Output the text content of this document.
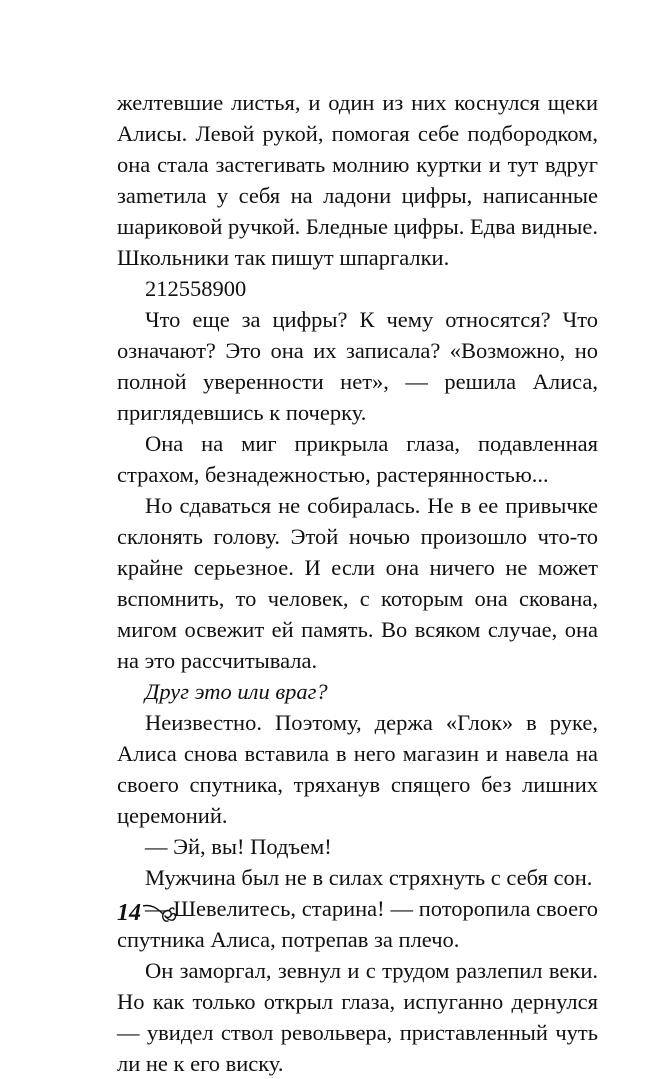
желтевшие листья, и один из них коснулся щеки Алисы. Левой рукой, помогая себе подбородком, она стала застегивать молнию куртки и тут вдруг заmетила у себя на ладони цифры, написанные шариковой ручкой. Бледные цифры. Едва видные. Школьники так пишут шпаргалки.

212558900

Что еще за цифры? К чему относятся? Что означают? Это она их записала? «Возможно, но полной уверенности нет», — решила Алиса, приглядевшись к почерку.

Она на миг прикрыла глаза, подавленная страхом, безнадежностью, растерянностью...

Но сдаваться не собиралась. Не в ее привычке склонять голову. Этой ночью произошло что-то крайне серьезное. И если она ничего не может вспомнить, то человек, с которым она скована, мигом освежит ей память. Во всяком случае, она на это рассчитывала.

Друг это или враг?

Неизвестно. Поэтому, держа «Глок» в руке, Алиса снова вставила в него магазин и навела на своего спутника, тряханув спящего без лишних церемоний.

— Эй, вы! Подъем!

Мужчина был не в силах стряхнуть с себя сон.

— Шевелитесь, старина! — поторопила своего спутника Алиса, потрепав за плечо.

Он заморгал, зевнул и с трудом разлепил веки. Но как только открыл глаза, испуганно дернулся — увидел ствол револьвера, приставленный чуть ли не к его виску.

14
